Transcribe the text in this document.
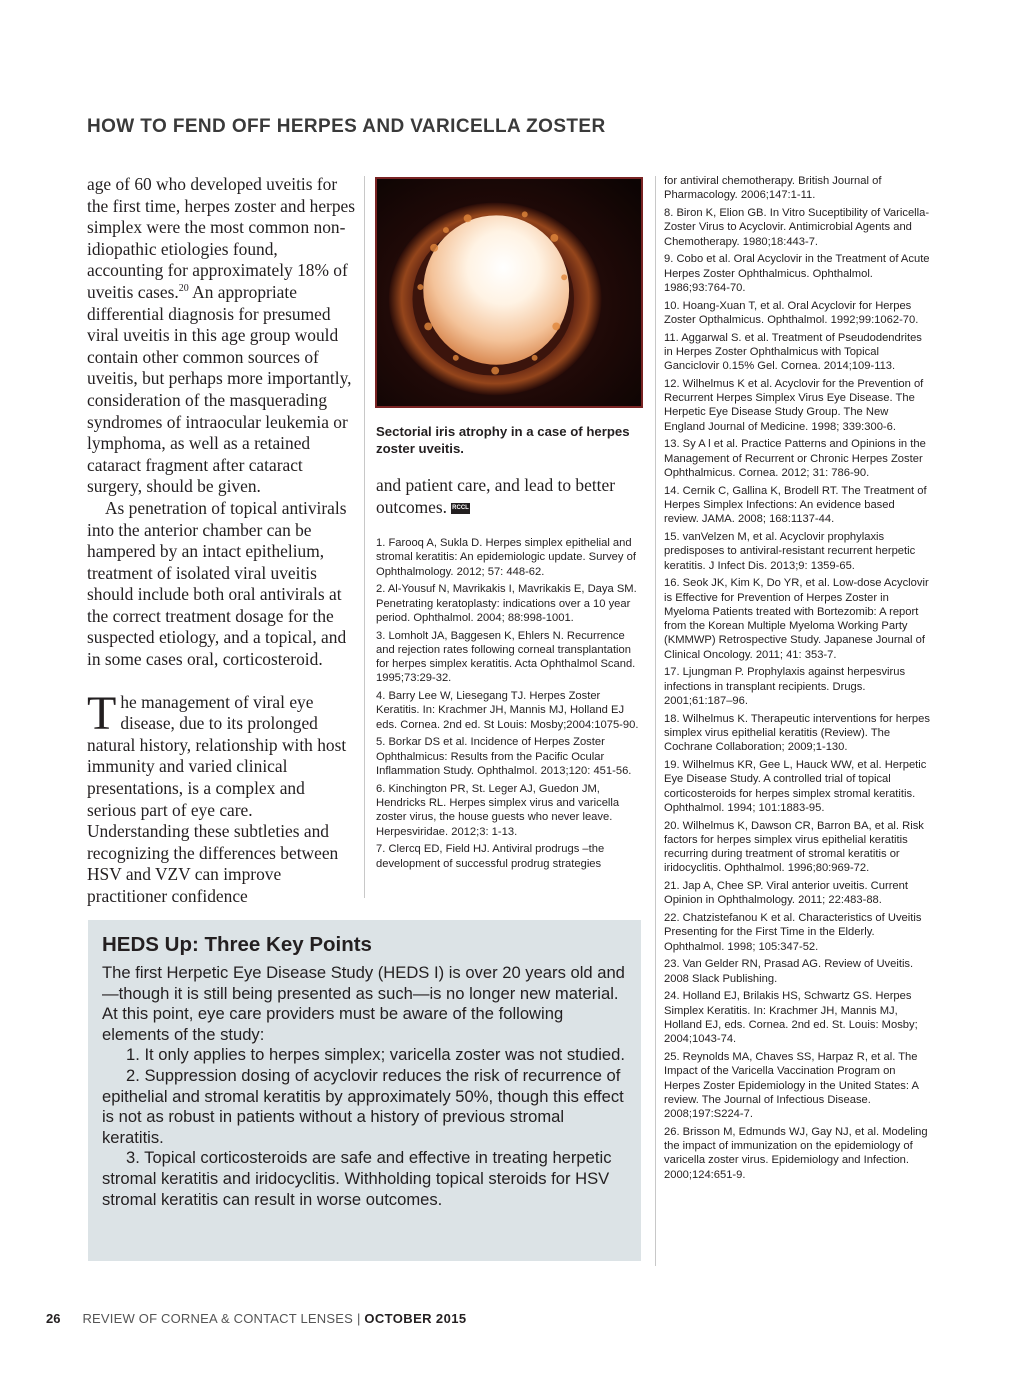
HOW TO FEND OFF HERPES AND VARICELLA ZOSTER

age of 60 who developed uveitis for the first time, herpes zoster and herpes simplex were the most common non-idiopathic etiologies found, accounting for approximately 18% of uveitis cases.$^{20}$ An appropriate differential diagnosis for presumed viral uveitis in this age group would contain other common sources of uveitis, but perhaps more importantly, consideration of the masquerading syndromes of intraocular leukemia or lymphoma, as well as a retained cataract fragment after cataract surgery, should be given.

As penetration of topical antivirals into the anterior chamber can be hampered by an intact epithelium, treatment of isolated viral uveitis should include both oral antivirals at the correct treatment dosage for the suspected etiology, and a topical, and in some cases oral, corticosteroid.

The management of viral eye disease, due to its prolonged natural history, relationship with host immunity and varied clinical presentations, is a complex and serious part of eye care. Understanding these subtleties and recognizing the differences between HSV and VZV can improve practitioner confidence

Sectorial iris atrophy in a case of herpes zoster uveitis.
and patient care, and lead to better outcomes. RCCL
1. Farooq A, Sukla D. Herpes simplex epithelial and stromal keratitis: An epidemiologic update. Survey of Ophthalmology. 2012; 57: 448-62.
2. Al-Yousuf N, Mavrikakis I, Mavrikakis E, Daya SM. Penetrating keratoplasty: indications over a 10 year period. Ophthalmol. 2004; 88:998-1001.
3. Lomholt JA, Baggesen K, Ehlers N. Recurrence and rejection rates following corneal transplantation for herpes simplex keratitis. Acta Ophthalmol Scand. 1995;73:29-32.
4. Barry Lee W, Liesegang TJ. Herpes Zoster Keratitis. In: Krachmer JH, Mannis MJ, Holland EJ eds. Cornea. 2nd ed. St Louis: Mosby;2004:1075-90.
5. Borkar DS et al. Incidence of Herpes Zoster Ophthalmicus: Results from the Pacific Ocular Inflammation Study. Ophthalmol. 2013;120: 451-56.
6. Kinchington PR, St. Leger AJ, Guedon JM, Hendricks RL. Herpes simplex virus and varicella zoster virus, the house guests who never leave. Herpesviridae. 2012;3: 1-13.
7. Clercq ED, Field HJ. Antiviral prodrugs –the development of successful prodrug strategies
for antiviral chemotherapy. British Journal of Pharmacology. 2006;147:1-11.
8. Biron K, Elion GB. In Vitro Suceptibility of Varicella-Zoster Virus to Acyclovir. Antimicrobial Agents and Chemotherapy. 1980;18:443-7.
9. Cobo et al. Oral Acyclovir in the Treatment of Acute Herpes Zoster Ophthalmicus. Ophthalmol. 1986;93:764-70.
10. Hoang-Xuan T, et al. Oral Acyclovir for Herpes Zoster Opthalmicus. Ophthalmol. 1992;99:1062-70.
11. Aggarwal S. et al. Treatment of Pseudodendrites in Herpes Zoster Ophthalmicus with Topical Ganciclovir 0.15% Gel. Cornea. 2014;109-113.
12. Wilhelmus K et al. Acyclovir for the Prevention of Recurrent Herpes Simplex Virus Eye Disease. The Herpetic Eye Disease Study Group. The New England Journal of Medicine. 1998; 339:300-6.
13. Sy A l et al. Practice Patterns and Opinions in the Management of Recurrent or Chronic Herpes Zoster Ophthalmicus. Cornea. 2012; 31: 786-90.
14. Cernik C, Gallina K, Brodell RT. The Treatment of Herpes Simplex Infections: An evidence based review. JAMA. 2008; 168:1137-44.
15. vanVelzen M, et al. Acyclovir prophylaxis predisposes to antiviral-resistant recurrent herpetic keratitis. J Infect Dis. 2013;9: 1359-65.
16. Seok JK, Kim K, Do YR, et al. Low-dose Acyclovir is Effective for Prevention of Herpes Zoster in Myeloma Patients treated with Bortezomib: A report from the Korean Multiple Myeloma Working Party (KMMWP) Retrospective Study. Japanese Journal of Clinical Oncology. 2011; 41: 353-7.
17. Ljungman P. Prophylaxis against herpesvirus infections in transplant recipients. Drugs. 2001;61:187–96.
18. Wilhelmus K. Therapeutic interventions for herpes simplex virus epithelial keratitis (Review). The Cochrane Collaboration; 2009;1-130.
19. Wilhelmus KR, Gee L, Hauck WW, et al. Herpetic Eye Disease Study. A controlled trial of topical corticosteroids for herpes simplex stromal keratitis. Ophthalmol. 1994; 101:1883-95.
20. Wilhelmus K, Dawson CR, Barron BA, et al. Risk factors for herpes simplex virus epithelial keratitis recurring during treatment of stromal keratitis or iridocyclitis. Ophthalmol. 1996;80:969-72.
21. Jap A, Chee SP. Viral anterior uveitis. Current Opinion in Ophthalmology. 2011; 22:483-88.
22. Chatzistefanou K et al. Characteristics of Uveitis Presenting for the First Time in the Elderly. Ophthalmol. 1998; 105:347-52.
23. Van Gelder RN, Prasad AG. Review of Uveitis. 2008 Slack Publishing.
24. Holland EJ, Brilakis HS, Schwartz GS. Herpes Simplex Keratitis. In: Krachmer JH, Mannis MJ, Holland EJ, eds. Cornea. 2nd ed. St. Louis: Mosby; 2004;1043-74.
25. Reynolds MA, Chaves SS, Harpaz R, et al. The Impact of the Varicella Vaccination Program on Herpes Zoster Epidemiology in the United States: A review. The Journal of Infectious Disease. 2008;197:S224-7.
26. Brisson M, Edmunds WJ, Gay NJ, et al. Modeling the impact of immunization on the epidemiology of varicella zoster virus. Epidemiology and Infection. 2000;124:651-9.
HEDS Up: Three Key Points

The first Herpetic Eye Disease Study (HEDS I) is over 20 years old and—though it is still being presented as such—is no longer new material. At this point, eye care providers must be aware of the following elements of the study:

1. It only applies to herpes simplex; varicella zoster was not studied.

2. Suppression dosing of acyclovir reduces the risk of recurrence of epithelial and stromal keratitis by approximately 50%, though this effect is not as robust in patients without a history of previous stromal keratitis.

3. Topical corticosteroids are safe and effective in treating herpetic stromal keratitis and iridocyclitis. Withholding topical steroids for HSV stromal keratitis can result in worse outcomes.

26 REVIEW OF CORNEA & CONTACT LENSES | OCTOBER 2015
